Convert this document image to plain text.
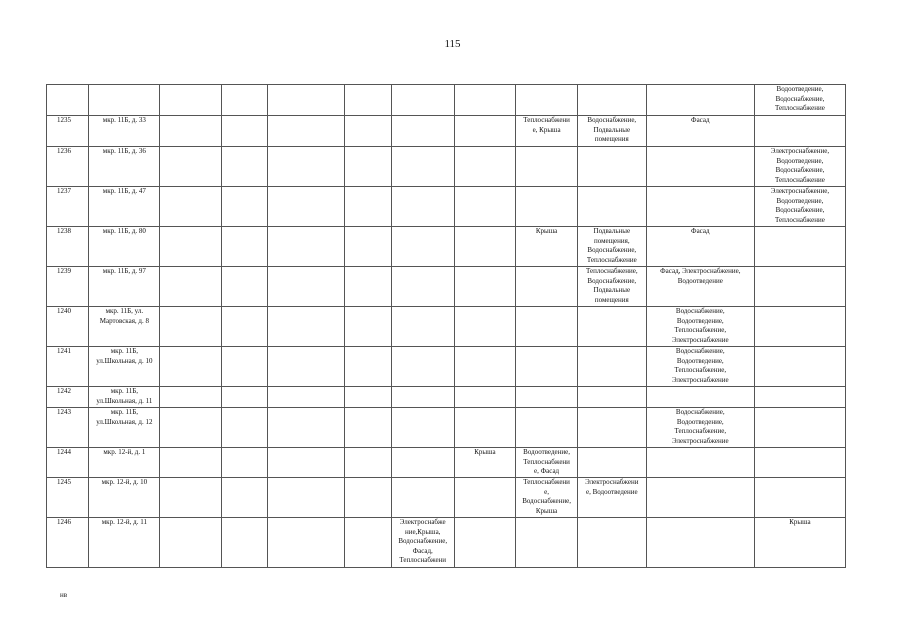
115
											Водоотведение,
Водоснабжение,
Теплоснабжение
1235	мкр. 11Б, д. 33							Теплоснабжени
е, Крыша	Водоснабжение,
Подвальные
помещения	Фасад	
1236	мкр. 11Б, д. 36										Электроснабжение,
Водоотведение,
Водоснабжение,
Теплоснабжение
1237	мкр. 11Б, д. 47										Электроснабжение,
Водоотведение,
Водоснабжение,
Теплоснабжение
1238	мкр. 11Б, д. 80							Крыша	Подвальные
помещения,
Водоснабжение,
Теплоснабжение	Фасад	
1239	мкр. 11Б, д. 97								Теплоснабжение,
Водоснабжение,
Подвальные
помещения	Фасад, Электроснабжение,
Водоотведение	
1240	мкр. 11Б, ул.
Мартовская, д. 8									Водоснабжение,
Водоотведение,
Теплоснабжение,
Электроснабжение	
1241	мкр. 11Б,
ул.Школьная, д. 10									Водоснабжение,
Водоотведение,
Теплоснабжение,
Электроснабжение	
1242	мкр. 11Б,
ул.Школьная, д. 11										
1243	мкр. 11Б,
ул.Школьная, д. 12									Водоснабжение,
Водоотведение,
Теплоснабжение,
Электроснабжение	
1244	мкр. 12-й, д. 1						Крыша	Водоотведение,
Теплоснабжени
е, Фасад			
1245	мкр. 12-й, д. 10							Теплоснабжени
е,
Водоснабжение,
Крыша	Электроснабжени
е, Водоотведение		
1246	мкр. 12-й, д. 11					Электроснабже
ние,Крыша,
Водоснабжение,
Фасад,
Теплоснабжени					Крыша
нв
